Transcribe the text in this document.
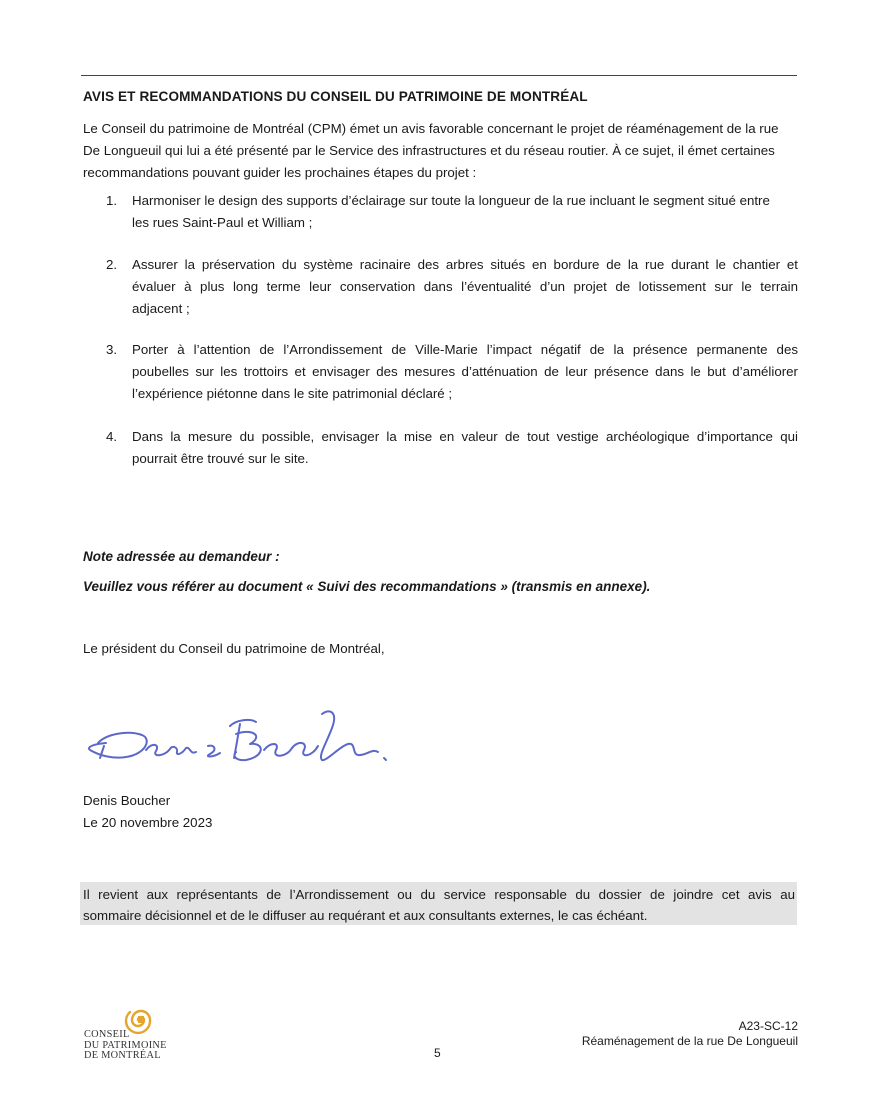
AVIS ET RECOMMANDATIONS DU CONSEIL DU PATRIMOINE DE MONTRÉAL

Le Conseil du patrimoine de Montréal (CPM) émet un avis favorable concernant le projet de réaménagement de la rue
De Longueuil qui lui a été présenté par le Service des infrastructures et du réseau routier. À ce sujet, il émet certaines
recommandations pouvant guider les prochaines étapes du projet :

1.	Harmoniser le design des supports d’éclairage sur toute la longueur de la rue incluant le segment situé entre
les rues Saint-Paul et William ;
2.	Assurer la préservation du système racinaire des arbres situés en bordure de la rue durant le chantier et
évaluer à plus long terme leur conservation dans l’éventualité d’un projet de lotissement sur le terrain
adjacent ;
3.	Porter à l’attention de l’Arrondissement de Ville-Marie l’impact négatif de la présence permanente des
poubelles sur les trottoirs et envisager des mesures d’atténuation de leur présence dans le but d’améliorer
l’expérience piétonne dans le site patrimonial déclaré ;
4.	Dans la mesure du possible, envisager la mise en valeur de tout vestige archéologique d’importance qui
pourrait être trouvé sur le site.
Note adressée au demandeur :
Veuillez vous référer au document « Suivi des recommandations » (transmis en annexe).
Le président du Conseil du patrimoine de Montréal,
Denis Boucher
Le 20 novembre 2023
Il revient aux représentants de l’Arrondissement ou du service responsable du dossier de joindre cet avis au
sommaire décisionnel et de le diffuser au requérant et aux consultants externes, le cas échéant.
CONSEIL
DU PATRIMOINE
DE MONTRÉAL	5
A23-SC-12
Réaménagement de la rue De Longueuil
